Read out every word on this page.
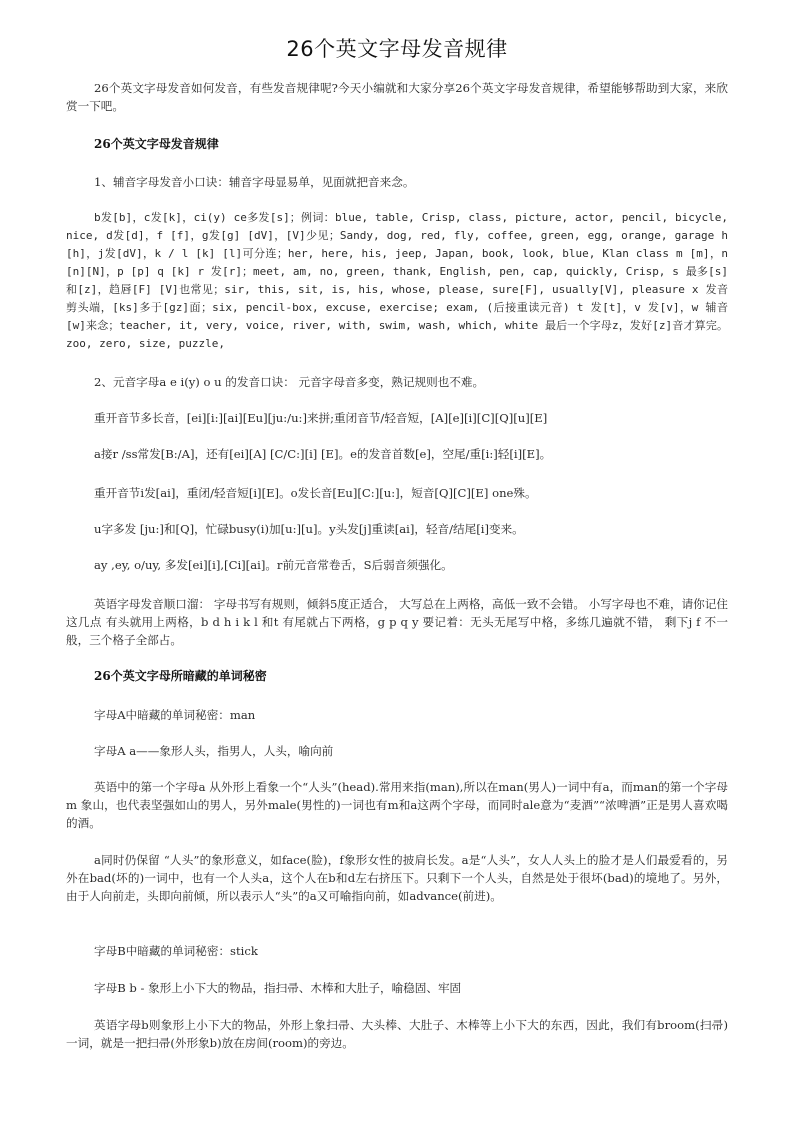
26个英文字母发音规律

26个英文字母发音如何发音，有些发音规律呢?今天小编就和大家分享26个英文字母发音规律，希望能够帮助到大家，来欣赏一下吧。

26个英文字母发音规律

1、辅音字母发音小口诀：辅音字母显易单，见面就把音来念。

b发[b]，c发[k]，ci(y) ce多发[s]；例词：blue, table, Crisp, class, picture, actor, pencil, bicycle, nice, d发[d]，f [f]，g发[g] [dV]，[V]少见；Sandy, dog, red, fly, coffee, green, egg, orange, garage h [h]，j发[dV]，k / l [k] [l]可分连；her, here, his, jeep, Japan, book, look, blue, Klan class m [m]，n [n][N]，p [p] q [k] r 发[r]；meet, am, no, green, thank, English, pen, cap, quickly, Crisp, s 最多[s]和[z]，趋唇[F] [V]也常见；sir, this, sit, is, his, whose, please, sure[F], usually[V], pleasure x 发音剪头端，[ks]多于[gz]面；six, pencil-box, excuse, exercise; exam, (后接重读元音) t 发[t]，v 发[v]，w 辅音[w]来念；teacher, it, very, voice, river, with, swim, wash, which, white 最后一个字母z，发好[z]音才算完。zoo, zero, size, puzzle,

2、元音字母a e i(y) o u 的发音口诀： 元音字母音多变，熟记规则也不难。

重开音节多长音，[ei][i:][ai][Eu][ju:/u:]来拼;重闭音节/轻音短，[A][e][i][C][Q][u][E]

a接r /ss常发[B:/A]，还有[ei][A] [C/C:][i] [E]。e的发音首数[e]，空尾/重[i:]轻[i][E]。

重开音节i发[ai]，重闭/轻音短[i][E]。o发长音[Eu][C:][u:]，短音[Q][C][E] one殊。

u字多发 [ju:]和[Q]，忙碌busy(i)加[u:][u]。y头发[j]重读[ai]，轻音/结尾[i]变来。

ay ,ey, o/uy, 多发[ei][i],[Ci][ai]。r前元音常卷舌，S后弱音须强化。

英语字母发音顺口溜： 字母书写有规则，倾斜5度正适合， 大写总在上两格，高低一致不会错。 小写字母也不难，请你记住这几点 有头就用上两格，b d h i k l 和t 有尾就占下两格，g p q y 要记着：无头无尾写中格，多练几遍就不错， 剩下j f 不一般，三个格子全部占。

26个英文字母所暗藏的单词秘密

字母A中暗藏的单词秘密：man

字母A a——象形人头，指男人，人头，喻向前

英语中的第一个字母a 从外形上看象一个“人头”(head).常用来指(man),所以在man(男人)一词中有a，而man的第一个字母m 象山，也代表坚强如山的男人，另外male(男性的)一词也有m和a这两个字母，而同时ale意为“麦酒”“浓啤酒”正是男人喜欢喝的酒。

a同时仍保留 “人头”的象形意义，如face(脸)，f象形女性的披肩长发。a是“人头”，女人人头上的脸才是人们最爱看的，另外在bad(坏的)一词中，也有一个人头a，这个人在b和d左右挤压下。只剩下一个人头，自然是处于很坏(bad)的境地了。另外，由于人向前走，头即向前倾，所以表示人“头”的a又可喻指向前，如advance(前进)。

字母B中暗藏的单词秘密：stick

字母B b - 象形上小下大的物品，指扫帚、木棒和大肚子，喻稳固、牢固

英语字母b则象形上小下大的物品，外形上象扫帚、大头棒、大肚子、木棒等上小下大的东西，因此，我们有broom(扫帚)一词，就是一把扫帚(外形象b)放在房间(room)的旁边。
